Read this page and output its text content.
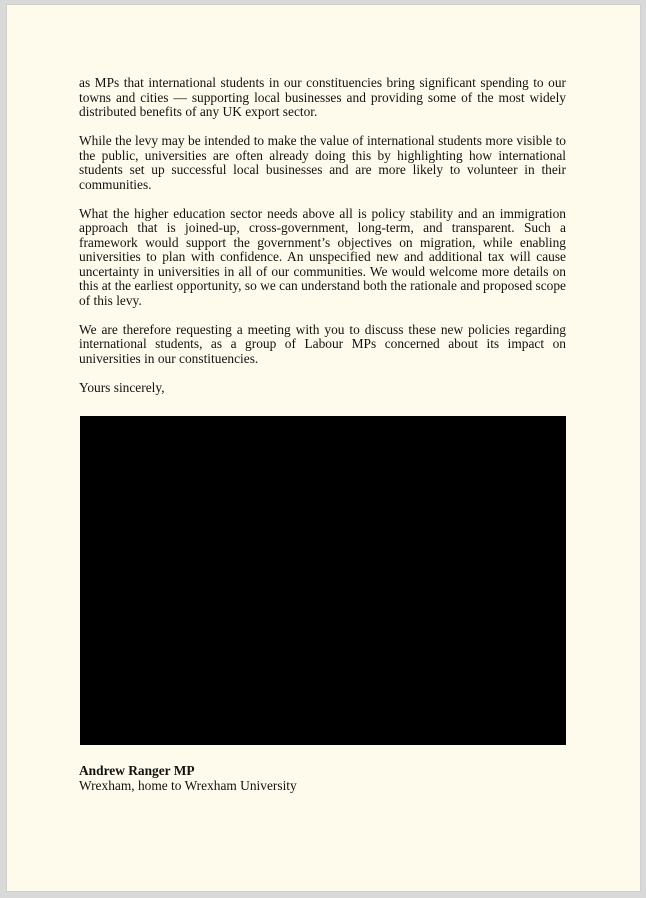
as MPs that international students in our constituencies bring significant spending to our towns and cities — supporting local businesses and providing some of the most widely distributed benefits of any UK export sector.

While the levy may be intended to make the value of international students more visible to the public, universities are often already doing this by highlighting how international students set up successful local businesses and are more likely to volunteer in their communities.

What the higher education sector needs above all is policy stability and an immigration approach that is joined-up, cross-government, long-term, and transparent. Such a framework would support the government’s objectives on migration, while enabling universities to plan with confidence. An unspecified new and additional tax will cause uncertainty in universities in all of our communities. We would welcome more details on this at the earliest opportunity, so we can understand both the rationale and proposed scope of this levy.

We are therefore requesting a meeting with you to discuss these new policies regarding international students, as a group of Labour MPs concerned about its impact on universities in our constituencies.

Yours sincerely,

Andrew Ranger MP

Wrexham, home to Wrexham University
